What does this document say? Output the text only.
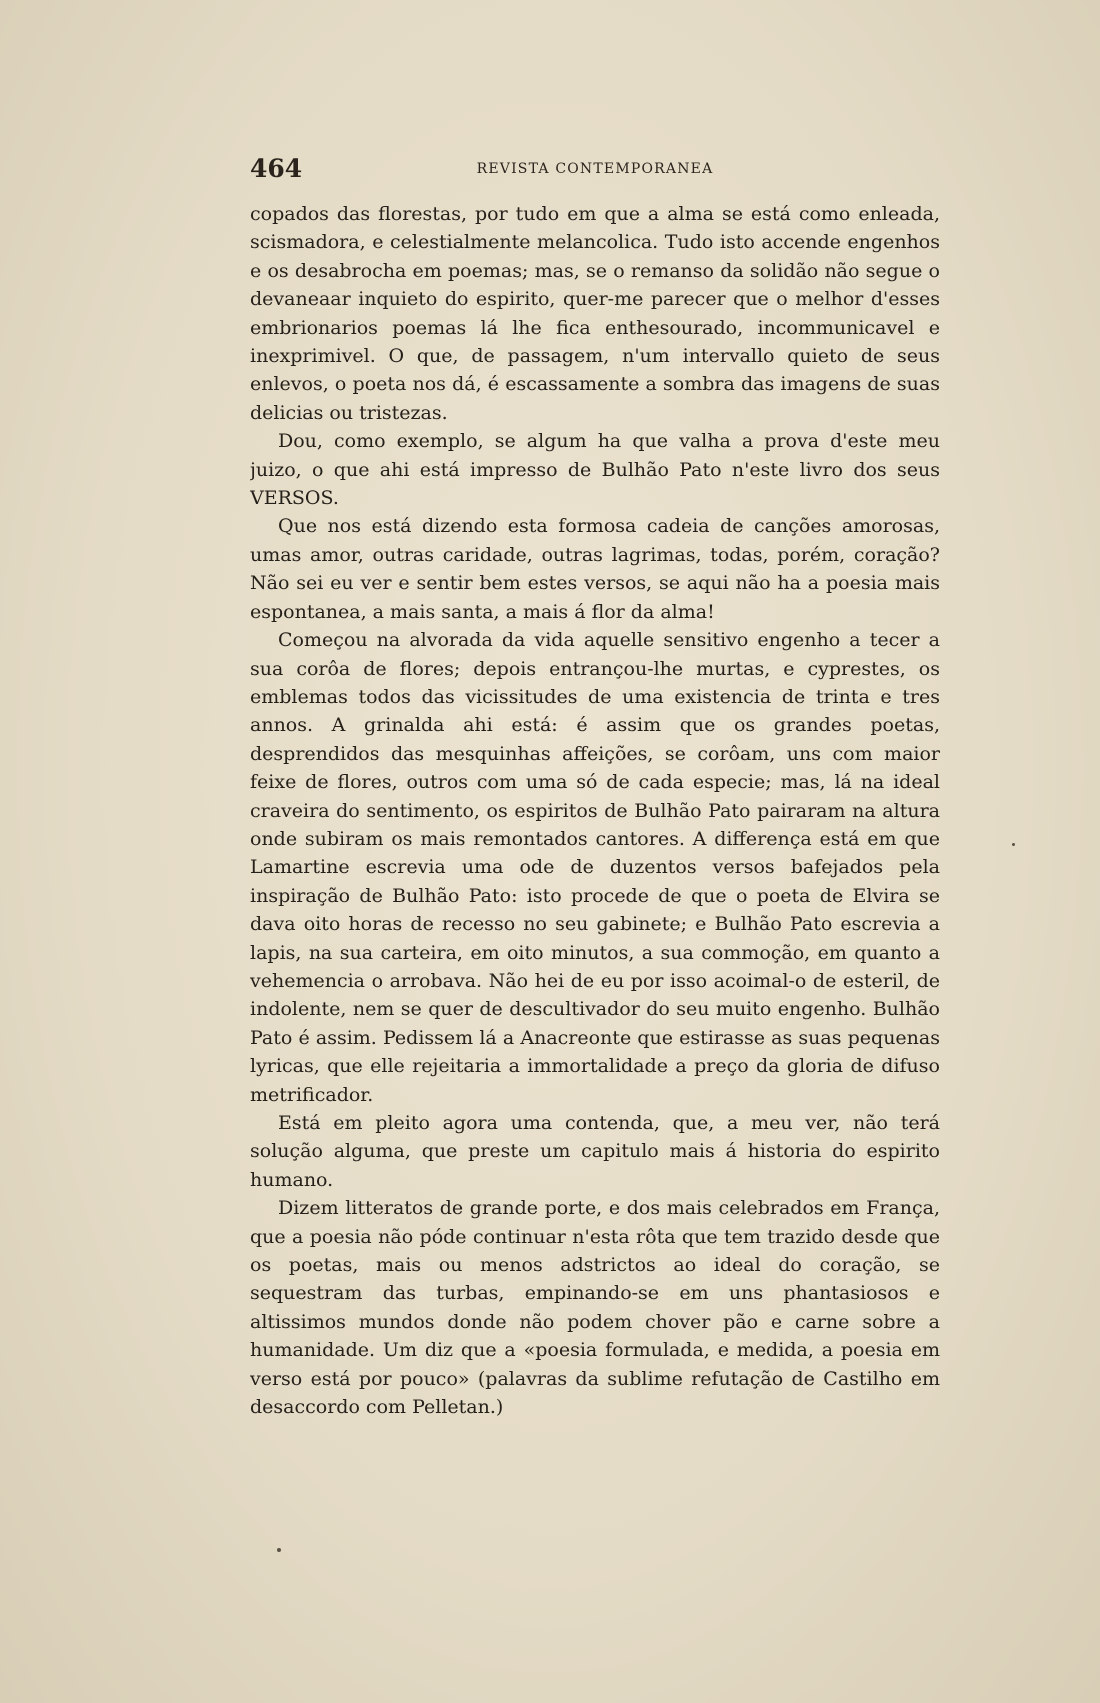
464	REVISTA CONTEMPORANEA

copados das florestas, por tudo em que a alma se está como enleada, scismadora, e celestialmente melancolica. Tudo isto accende engenhos e os desabrocha em poemas; mas, se o remanso da solidão não segue o devaneaar inquieto do espirito, quer-me parecer que o melhor d'esses embrionarios poemas lá lhe fica enthesourado, incommunicavel e inexprimivel. O que, de passagem, n'um intervallo quieto de seus enlevos, o poeta nos dá, é escassamente a sombra das imagens de suas delicias ou tristezas.

Dou, como exemplo, se algum ha que valha a prova d'este meu juizo, o que ahi está impresso de Bulhão Pato n'este livro dos seus VERSOS.

Que nos está dizendo esta formosa cadeia de canções amorosas, umas amor, outras caridade, outras lagrimas, todas, porém, coração? Não sei eu ver e sentir bem estes versos, se aqui não ha a poesia mais espontanea, a mais santa, a mais á flor da alma!

Começou na alvorada da vida aquelle sensitivo engenho a tecer a sua corôa de flores; depois entrançou-lhe murtas, e cyprestes, os emblemas todos das vicissitudes de uma existencia de trinta e tres annos. A grinalda ahi está: é assim que os grandes poetas, desprendidos das mesquinhas affeições, se corôam, uns com maior feixe de flores, outros com uma só de cada especie; mas, lá na ideal craveira do sentimento, os espiritos de Bulhão Pato pairaram na altura onde subiram os mais remontados cantores. A differença está em que Lamartine escrevia uma ode de duzentos versos bafejados pela inspiração de Bulhão Pato: isto procede de que o poeta de Elvira se dava oito horas de recesso no seu gabinete; e Bulhão Pato escrevia a lapis, na sua carteira, em oito minutos, a sua commoção, em quanto a vehemencia o arrobava. Não hei de eu por isso acoimal-o de esteril, de indolente, nem se quer de descultivador do seu muito engenho. Bulhão Pato é assim. Pedissem lá a Anacreonte que estirasse as suas pequenas lyricas, que elle rejeitaria a immortalidade a preço da gloria de difuso metrificador.

Está em pleito agora uma contenda, que, a meu ver, não terá solução alguma, que preste um capitulo mais á historia do espirito humano.

Dizem litteratos de grande porte, e dos mais celebrados em França, que a poesia não póde continuar n'esta rôta que tem trazido desde que os poetas, mais ou menos adstrictos ao ideal do coração, se sequestram das turbas, empinando-se em uns phantasiosos e altissimos mundos donde não podem chover pão e carne sobre a humanidade. Um diz que a «poesia formulada, e medida, a poesia em verso está por pouco» (palavras da sublime refutação de Castilho em desaccordo com Pelletan.)
